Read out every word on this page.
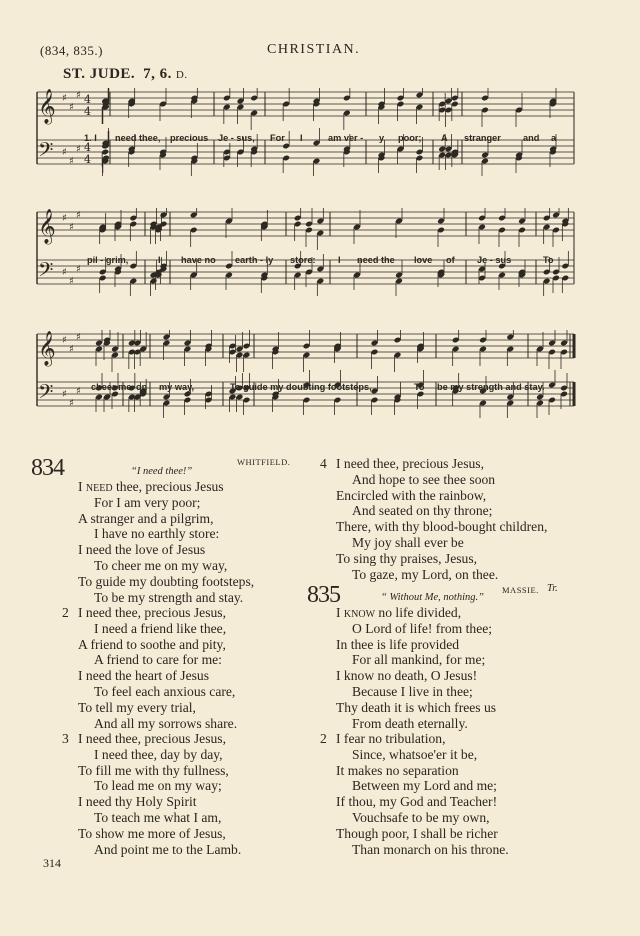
(834, 835.)	CHRISTIAN.
ST. JUDE. 7, 6. D.
𝄞
𝄢
♯
♯
♯
♯
♯
♯
4
4
4
4
𝄞
𝄢
♯
♯
♯
♯
♯
♯
𝄞
𝄢
♯
♯
♯
♯
♯
♯
1. I need thee, precious Je - sus, For I	am ver - y poor; A stranger and a
pil - grim,	I have no earth - ly store: I need the love of Je - sus	To
cheer me on my way,	To guide my doubting footsteps,	To be my strength and stay.
834	“I need thee!”
WHITFIELD.
I need thee, precious Jesus
For I am very poor;
A stranger and a pilgrim,
I have no earthly store:
I need the love of Jesus
To cheer me on my way,
To guide my doubting footsteps,
To be my strength and stay.
2 I need thee, precious Jesus,
I need a friend like thee,
A friend to soothe and pity,
A friend to care for me:
I need the heart of Jesus
To feel each anxious care,
To tell my every trial,
And all my sorrows share.
3 I need thee, precious Jesus,
I need thee, day by day,
To fill me with thy fullness,
To lead me on my way;
I need thy Holy Spirit
To teach me what I am,
To show me more of Jesus,
And point me to the Lamb.
4 I need thee, precious Jesus,
And hope to see thee soon
Encircled with the rainbow,
And seated on thy throne;
There, with thy blood-bought children,
My joy shall ever be
To sing thy praises, Jesus,
To gaze, my Lord, on thee.
835	“ Without Me, nothing.”
MASSIE. Tr.
I know no life divided,
O Lord of life! from thee;
In thee is life provided
For all mankind, for me;
I know no death, O Jesus!
Because I live in thee;
Thy death it is which frees us
From death eternally.
2 I fear no tribulation,
Since, whatsoe'er it be,
It makes no separation
Between my Lord and me;
If thou, my God and Teacher!
Vouchsafe to be my own,
Though poor, I shall be richer
Than monarch on his throne.
314
